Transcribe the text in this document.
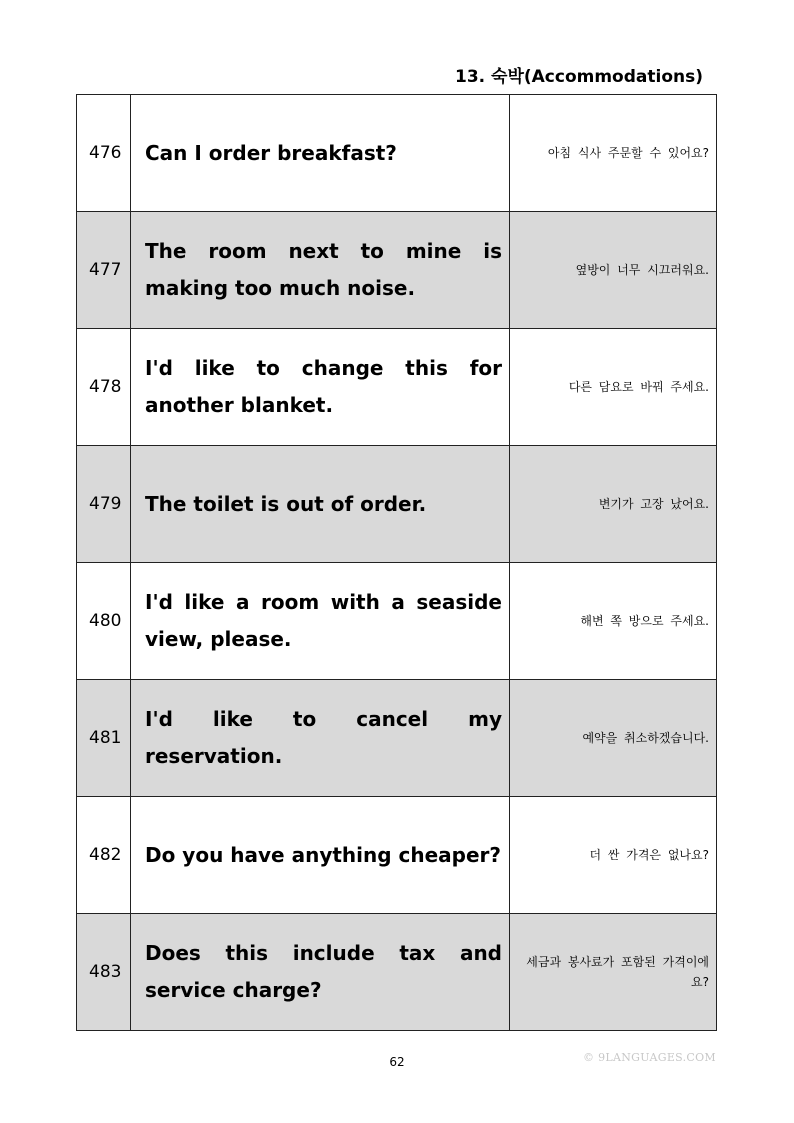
13. 숙박(Accommodations)
476	Can I order breakfast?	아침 식사 주문할 수 있어요?
477	The room next to mine is making too much noise.	옆방이 너무 시끄러워요.
478	I'd like to change this for another blanket.	다른 담요로 바꿔 주세요.
479	The toilet is out of order.	변기가 고장 났어요.
480	I'd like a room with a seaside view, please.	해변 쪽 방으로 주세요.
481	I'd like to cancel my reservation.	예약을 취소하겠습니다.
482	Do you have anything cheaper?	더 싼 가격은 없나요?
483	Does this include tax and service charge?	세금과 봉사료가 포함된 가격이에요?
62	© 9LANGUAGES.COM
